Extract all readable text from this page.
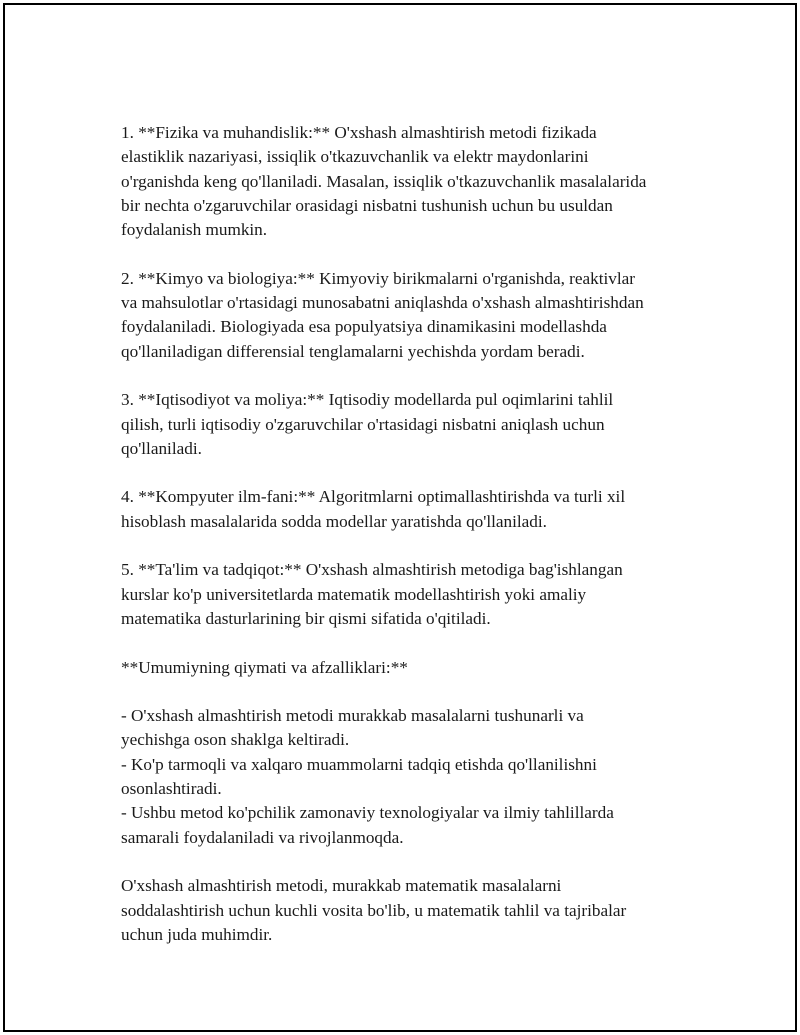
1. **Fizika va muhandislik:** O'xshash almashtirish metodi fizikada
elastiklik nazariyasi, issiqlik o'tkazuvchanlik va elektr maydonlarini
o'rganishda keng qo'llaniladi. Masalan, issiqlik o'tkazuvchanlik masalalarida
bir nechta o'zgaruvchilar orasidagi nisbatni tushunish uchun bu usuldan
foydalanish mumkin.

2. **Kimyo va biologiya:** Kimyoviy birikmalarni o'rganishda, reaktivlar
va mahsulotlar o'rtasidagi munosabatni aniqlashda o'xshash almashtirishdan
foydalaniladi. Biologiyada esa populyatsiya dinamikasini modellashda
qo'llaniladigan differensial tenglamalarni yechishda yordam beradi.

3. **Iqtisodiyot va moliya:** Iqtisodiy modellarda pul oqimlarini tahlil
qilish, turli iqtisodiy o'zgaruvchilar o'rtasidagi nisbatni aniqlash uchun
qo'llaniladi.

4. **Kompyuter ilm-fani:** Algoritmlarni optimallashtirishda va turli xil
hisoblash masalalarida sodda modellar yaratishda qo'llaniladi.

5. **Ta'lim va tadqiqot:** O'xshash almashtirish metodiga bag'ishlangan
kurslar ko'p universitetlarda matematik modellashtirish yoki amaliy
matematika dasturlarining bir qismi sifatida o'qitiladi.

**Umumiyning qiymati va afzalliklari:**

- O'xshash almashtirish metodi murakkab masalalarni tushunarli va
yechishga oson shaklga keltiradi.
- Ko'p tarmoqli va xalqaro muammolarni tadqiq etishda qo'llanilishni
osonlashtiradi.
- Ushbu metod ko'pchilik zamonaviy texnologiyalar va ilmiy tahlillarda
samarali foydalaniladi va rivojlanmoqda.

O'xshash almashtirish metodi, murakkab matematik masalalarni
soddalashtirish uchun kuchli vosita bo'lib, u matematik tahlil va tajribalar
uchun juda muhimdir.
